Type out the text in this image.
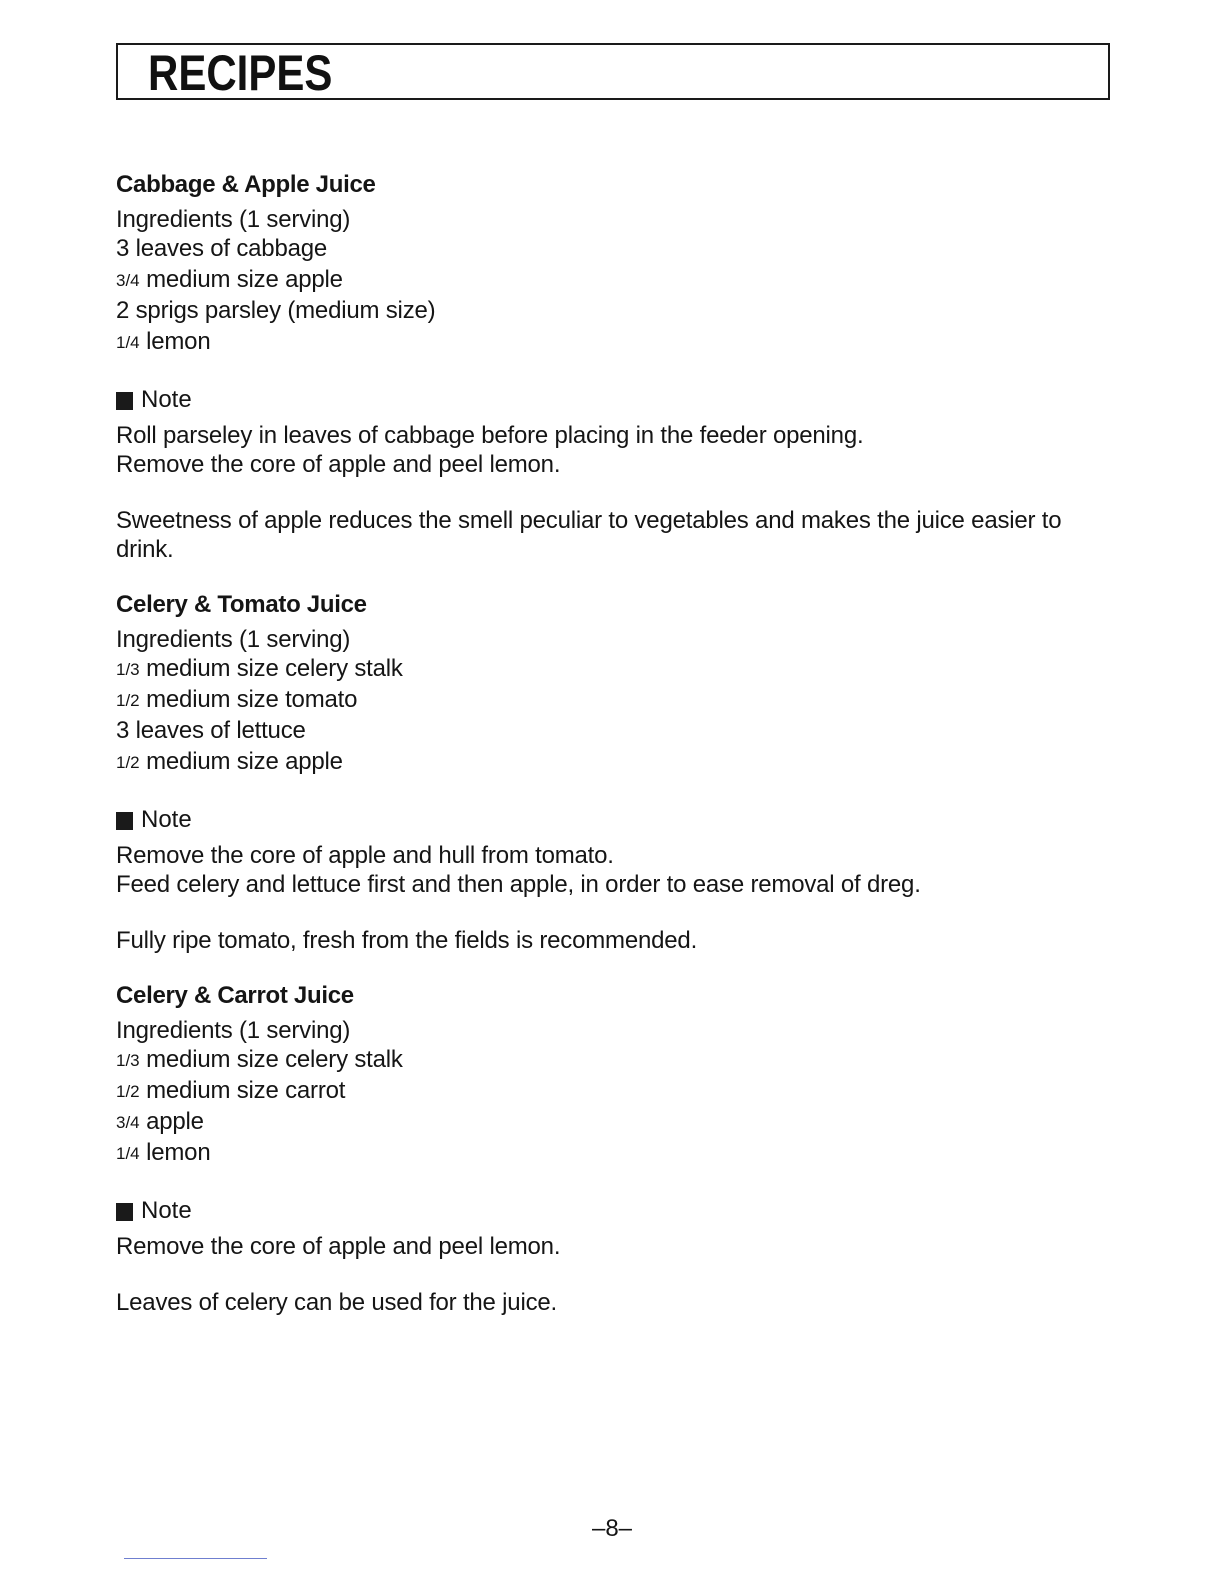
RECIPES
Cabbage & Apple Juice
Ingredients (1 serving)
3 leaves of cabbage
3/4 medium size apple
2 sprigs parsley (medium size)
1/4 lemon
Note
Roll parseley in leaves of cabbage before placing in the feeder opening.
Remove the core of apple and peel lemon.
Sweetness of apple reduces the smell peculiar to vegetables and makes the juice easier to drink.
Celery & Tomato Juice
Ingredients (1 serving)
1/3 medium size celery stalk
1/2 medium size tomato
3 leaves of lettuce
1/2 medium size apple
Note
Remove the core of apple and hull from tomato.
Feed celery and lettuce first and then apple, in order to ease removal of dreg.
Fully ripe tomato, fresh from the fields is recommended.
Celery & Carrot Juice
Ingredients (1 serving)
1/3 medium size celery stalk
1/2 medium size carrot
3/4 apple
1/4 lemon
Note
Remove the core of apple and peel lemon.
Leaves of celery can be used for the juice.
–8–
